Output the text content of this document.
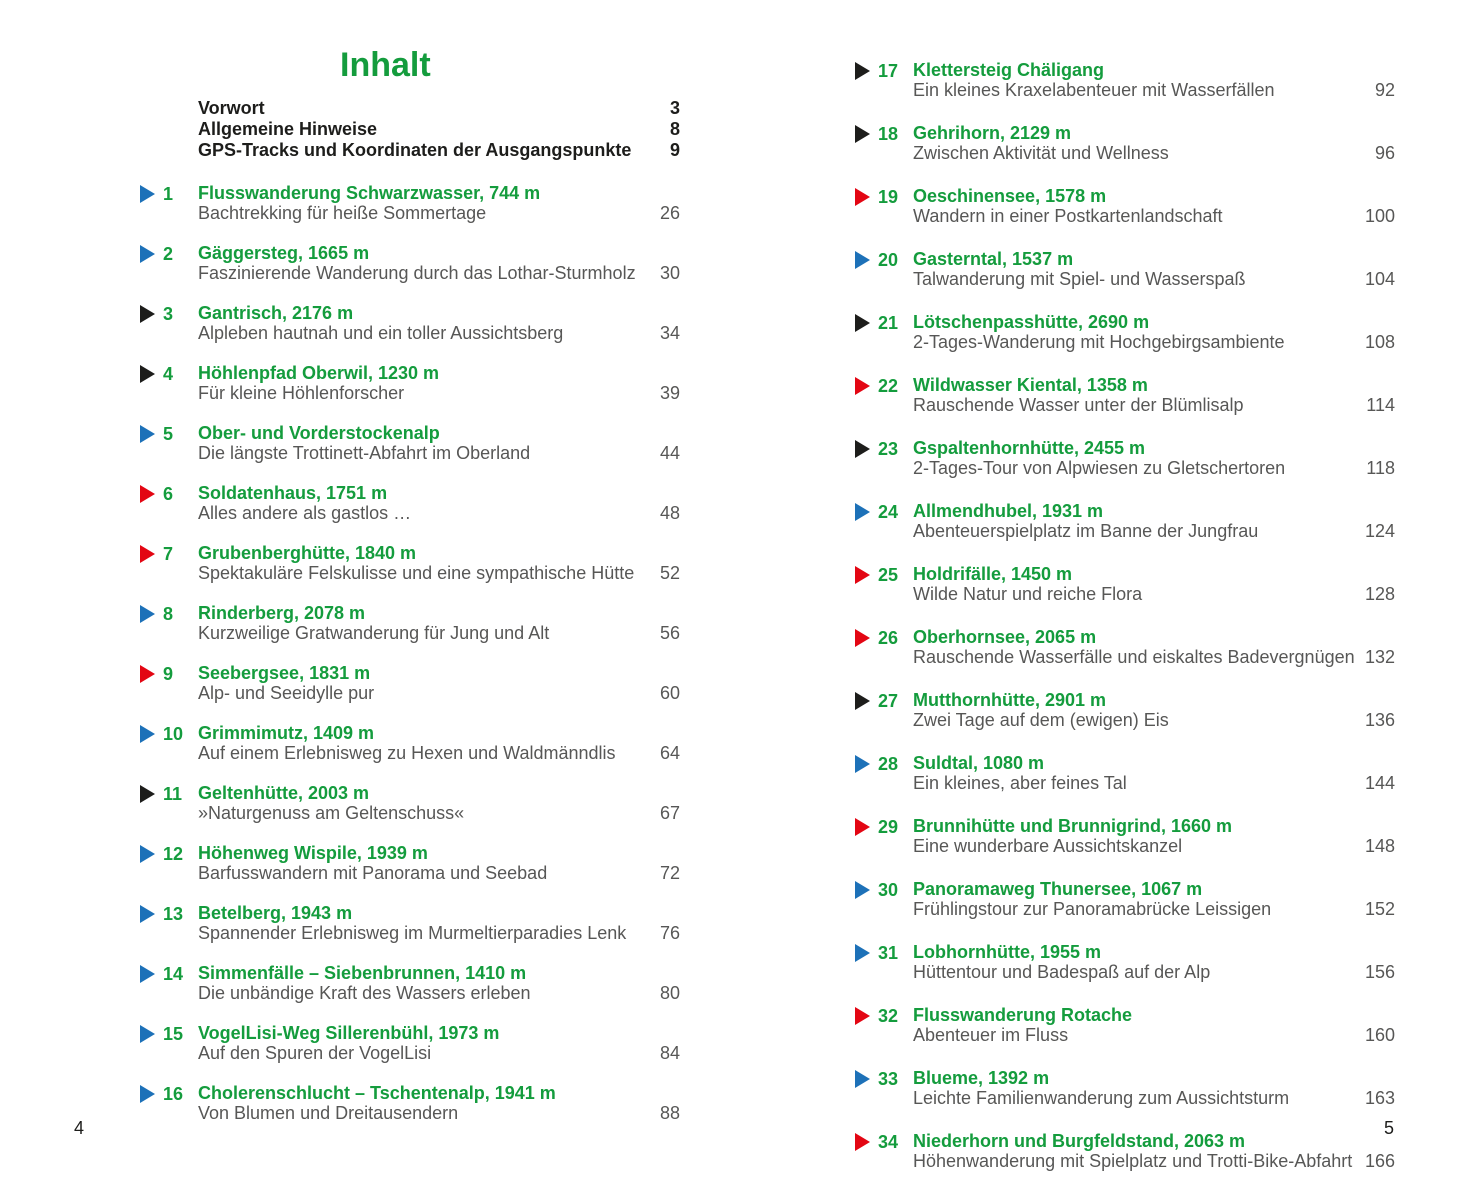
Inhalt
Vorwort	3
Allgemeine Hinweise	8
GPS-Tracks und Koordinaten der Ausgangspunkte 9
1 Flusswanderung Schwarzwasser, 744 m
Bachtrekking für heiße Sommertage	26
2 Gäggersteg, 1665 m
Faszinierende Wanderung durch das Lothar-Sturmholz 30
3 Gantrisch, 2176 m
Alpleben hautnah und ein toller Aussichtsberg	34
4 Höhlenpfad Oberwil, 1230 m
Für kleine Höhlenforscher	39
5 Ober- und Vorderstockenalp
Die längste Trottinett-Abfahrt im Oberland	44
6 Soldatenhaus, 1751 m
Alles andere als gastlos …	48
7 Grubenberghütte, 1840 m
Spektakuläre Felskulisse und eine sympathische Hütte 52
8 Rinderberg, 2078 m
Kurzweilige Gratwanderung für Jung und Alt	56
9 Seebergsee, 1831 m
Alp- und Seeidylle pur	60
10 Grimmimutz, 1409 m
Auf einem Erlebnisweg zu Hexen und Waldmänndlis 64
11 Geltenhütte, 2003 m
»Naturgenuss am Geltenschuss«	67
12 Höhenweg Wispile, 1939 m
Barfusswandern mit Panorama und Seebad	72
13 Betelberg, 1943 m
Spannender Erlebnisweg im Murmeltierparadies Lenk 76
14 Simmenfälle – Siebenbrunnen, 1410 m
Die unbändige Kraft des Wassers erleben	80
15 VogelLisi-Weg Sillerenbühl, 1973 m
Auf den Spuren der VogelLisi	84
16 Cholerenschlucht – Tschentenalp, 1941 m
Von Blumen und Dreitausendern	88
17 Klettersteig Chäligang
Ein kleines Kraxelabenteuer mit Wasserfällen	92
18 Gehrihorn, 2129 m
Zwischen Aktivität und Wellness	96
19 Oeschinensee, 1578 m
Wandern in einer Postkartenlandschaft	100
20 Gasterntal, 1537 m
Talwanderung mit Spiel- und Wasserspaß	104
21 Lötschenpasshütte, 2690 m
2-Tages-Wanderung mit Hochgebirgsambiente	108
22 Wildwasser Kiental, 1358 m
Rauschende Wasser unter der Blümlisalp	114
23 Gspaltenhornhütte, 2455 m
2-Tages-Tour von Alpwiesen zu Gletschertoren	118
24 Allmendhubel, 1931 m
Abenteuerspielplatz im Banne der Jungfrau	124
25 Holdrifälle, 1450 m
Wilde Natur und reiche Flora	128
26 Oberhornsee, 2065 m
Rauschende Wasserfälle und eiskaltes Badevergnügen 132
27 Mutthornhütte, 2901 m
Zwei Tage auf dem (ewigen) Eis	136
28 Suldtal, 1080 m
Ein kleines, aber feines Tal	144
29 Brunnihütte und Brunnigrind, 1660 m
Eine wunderbare Aussichtskanzel	148
30 Panoramaweg Thunersee, 1067 m
Frühlingstour zur Panoramabrücke Leissigen	152
31 Lobhornhütte, 1955 m
Hüttentour und Badespaß auf der Alp	156
32 Flusswanderung Rotache
Abenteuer im Fluss	160
33 Blueme, 1392 m
Leichte Familienwanderung zum Aussichtsturm	163
34 Niederhorn und Burgfeldstand, 2063 m
Höhenwanderung mit Spielplatz und Trotti-Bike-Abfahrt 166
4	5
